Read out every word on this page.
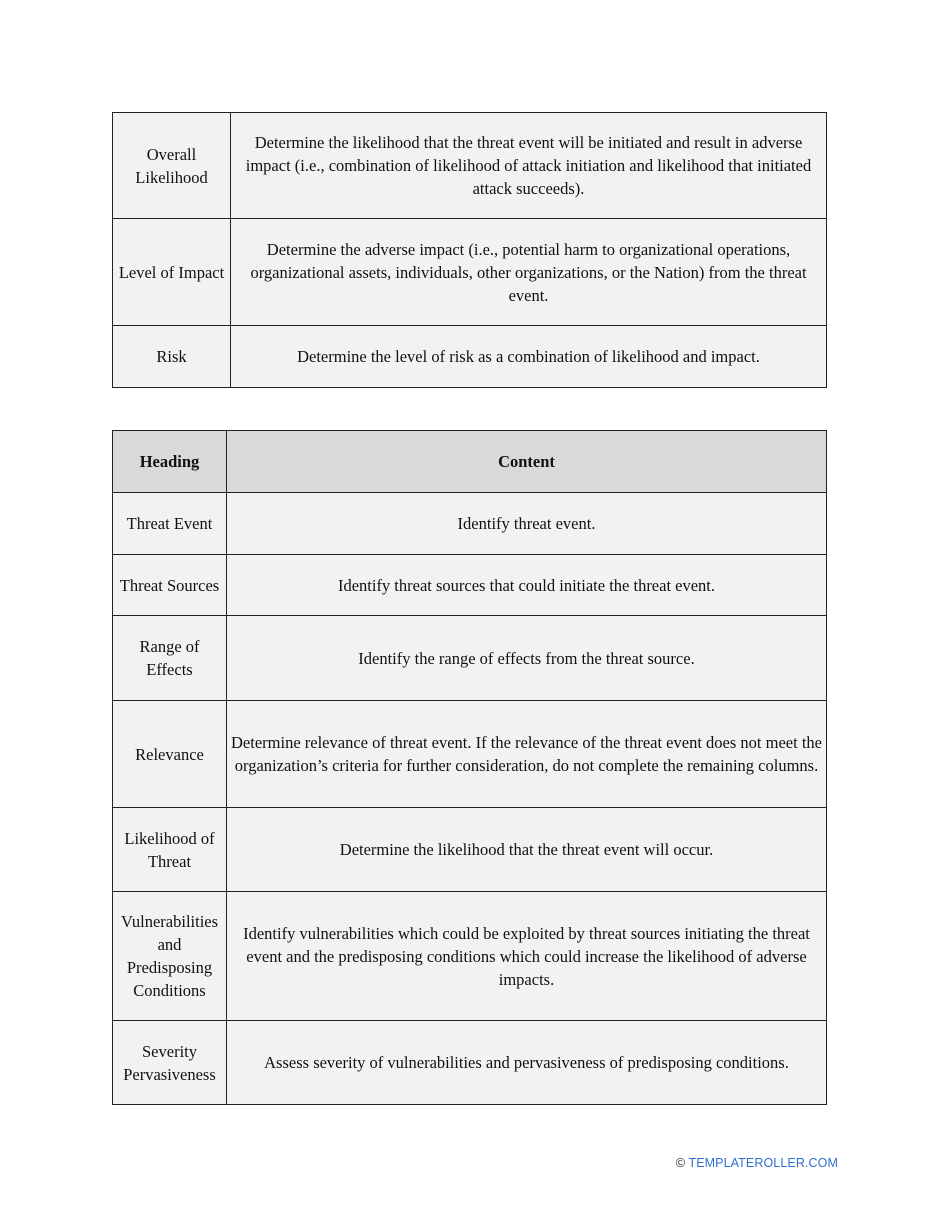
Overall Likelihood	Determine the likelihood that the threat event will be initiated and result in adverse impact (i.e., combination of likelihood of attack initiation and likelihood that initiated attack succeeds).
Level of Impact	Determine the adverse impact (i.e., potential harm to organizational operations, organizational assets, individuals, other organizations, or the Nation) from the threat event.
Risk	Determine the level of risk as a combination of likelihood and impact.
Heading	Content
Threat Event	Identify threat event.
Threat Sources	Identify threat sources that could initiate the threat event.
Range of Effects	Identify the range of effects from the threat source.
Relevance	Determine relevance of threat event. If the relevance of the threat event does not meet the organization’s criteria for further consideration, do not complete the remaining columns.
Likelihood of Threat	Determine the likelihood that the threat event will occur.
Vulnerabilities and Predisposing Conditions	Identify vulnerabilities which could be exploited by threat sources initiating the threat event and the predisposing conditions which could increase the likelihood of adverse impacts.
Severity Pervasiveness	Assess severity of vulnerabilities and pervasiveness of predisposing conditions.
© TEMPLATEROLLER.COM
